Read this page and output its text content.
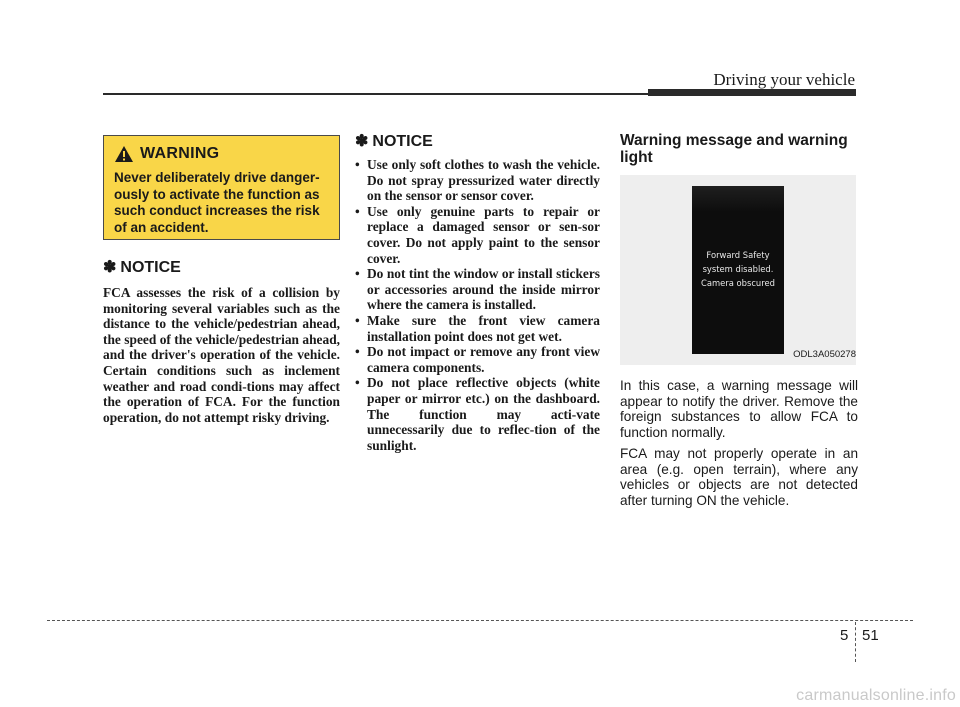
Driving your vehicle
WARNING
Never deliberately drive danger-ously to activate the function as such conduct increases the risk of an accident.
✽ NOTICE
FCA assesses the risk of a collision by monitoring several variables such as the distance to the vehicle/pedestrian ahead, the speed of the vehicle/pedestrian ahead, and the driver's operation of the vehicle. Certain conditions such as inclement weather and road condi-tions may affect the operation of FCA. For the function operation, do not attempt risky driving.
✽ NOTICE
• Use only soft clothes to wash the vehicle. Do not spray pressurized water directly on the sensor or sensor cover.
• Use only genuine parts to repair or replace a damaged sensor or sen-sor cover. Do not apply paint to the sensor cover.
• Do not tint the window or install stickers or accessories around the inside mirror where the camera is installed.
• Make sure the front view camera installation point does not get wet.
• Do not impact or remove any front view camera components.
• Do not place reflective objects (white paper or mirror etc.) on the dashboard. The function may acti-vate unnecessarily due to reflec-tion of the sunlight.
Warning message and warning light
Forward Safety
system disabled.
Camera obscured
ODL3A050278

In this case, a warning message will appear to notify the driver. Remove the foreign substances to allow FCA to function normally.

FCA may not properly operate in an area (e.g. open terrain), where any vehicles or objects are not detected after turning ON the vehicle.

5 51
carmanualsonline.info
